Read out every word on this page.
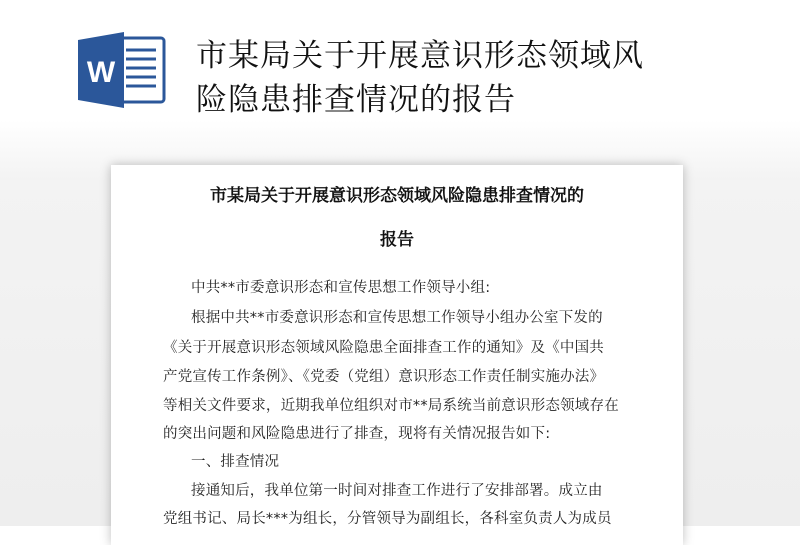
W	市某局关于开展意识形态领域风
险隐患排查情况的报告
市某局关于开展意识形态领域风险隐患排查情况的
报告
中共**市委意识形态和宣传思想工作领导小组:
根据中共**市委意识形态和宣传思想工作领导小组办公室下发的
《关于开展意识形态领域风险隐患全面排查工作的通知》及《中国共
产党宣传工作条例》、《党委（党组）意识形态工作责任制实施办法》
等相关文件要求，近期我单位组织对市**局系统当前意识形态领域存在
的突出问题和风险隐患进行了排查，现将有关情况报告如下:
一、排查情况
接通知后，我单位第一时间对排查工作进行了安排部署。成立由
党组书记、局长***为组长，分管领导为副组长，各科室负责人为成员
